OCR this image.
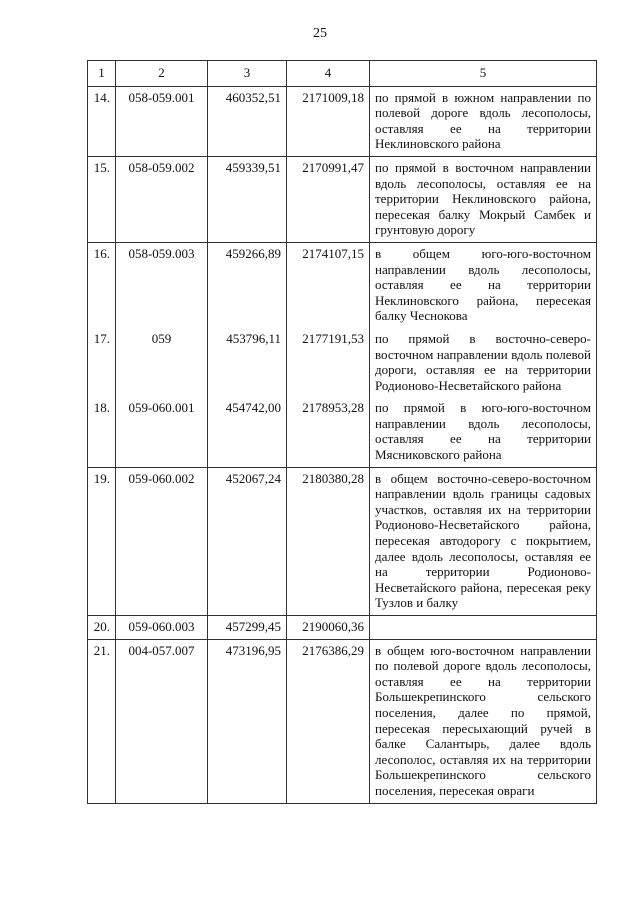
25
1	2	3	4	5
14.	058-059.001	460352,51	2171009,18	по прямой в южном направлении по полевой дороге вдоль лесополосы, оставляя ее на территории Неклиновского района

15.	058-059.002	459339,51	2170991,47	по прямой в восточном направлении вдоль лесополосы, оставляя ее на территории Неклиновского района, пересекая балку Мокрый Самбек и грунтовую дорогу

16.	058-059.003	459266,89	2174107,15	в общем юго-юго-восточном направлении вдоль лесополосы, оставляя ее на территории Неклиновского района, пересекая балку Чеснокова

17.	059	453796,11	2177191,53	по прямой в восточно-северо-восточном направлении вдоль полевой дороги, оставляя ее на территории Родионово-Несветайского района

18.	059-060.001	454742,00	2178953,28	по прямой в юго-юго-восточном направлении вдоль лесополосы, оставляя ее на территории Мясниковского района

19.	059-060.002	452067,24	2180380,28	в общем восточно-северо-восточном направлении вдоль границы садовых участков, оставляя их на территории Родионово-Несветайского района, пересекая автодорогу с покрытием, далее вдоль лесополосы, оставляя ее на территории Родионово-Несветайского района, пересекая реку Тузлов и балку

20.	059-060.003	457299,45	2190060,36	

21.	004-057.007	473196,95	2176386,29	в общем юго-восточном направлении по полевой дороге вдоль лесополосы, оставляя ее на территории Большекрепинского сельского поселения, далее по прямой, пересекая пересыхающий ручей в балке Салантырь, далее вдоль лесополос, оставляя их на территории Большекрепинского сельского поселения, пересекая овраги
